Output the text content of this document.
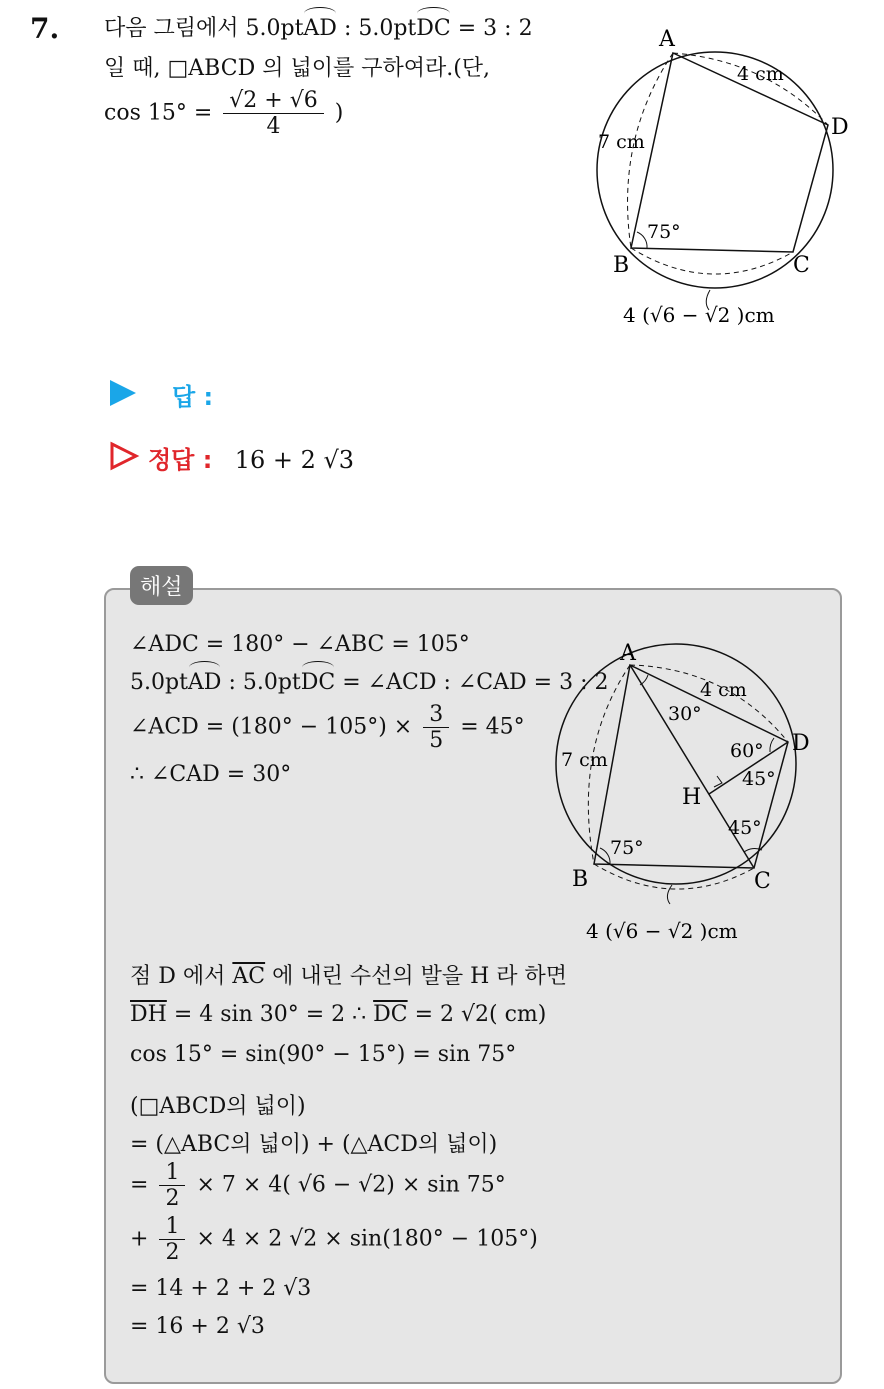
7. 다음 그림에서 5.0ptAD : 5.0ptDC = 3 : 2
일 때, □ABCD 의 넓이를 구하여라.(단,
$\cos 15^\circ = \frac{√2 + √6}{4}$ )
A
D
B	C
4 cm
7 cm
75°
4 (√6 − √2 )cm
답 :
정답 : 16 + 2 √3
해설
∠ADC = 180° − ∠ABC = 105°
5.0ptAD : 5.0ptDC = ∠ACD : ∠CAD = 3 : 2
∠ACD = $(180^\circ - 105^\circ) \times \frac{3}{5} = 45^\circ$
∴ ∠CAD = 30°
A
D
B	C
H
4 cm
7 cm
30°
60°
45°
45°
75°
4 (√6 − √2 )cm
점 D 에서 $\overline{AC}$ 에 내린 수선의 발을 H 라 하면
$\overline{DH} = 4$ sin 30° = 2 ∴ $\overline{DC} = 2$ √2( cm)
cos 15° = sin(90° − 15°) = sin 75°
(□ABCD의 넓이)
= (△ABC의 넓이) + (△ACD의 넓이)
= $\frac{1}{2} \times 7 \times 4$( √6 − √2) × sin 75°
+ $\frac{1}{2} \times 4 \times 2$ √2 × sin(180° − 105°)
= 14 + 2 + 2 √3
= 16 + 2 √3
